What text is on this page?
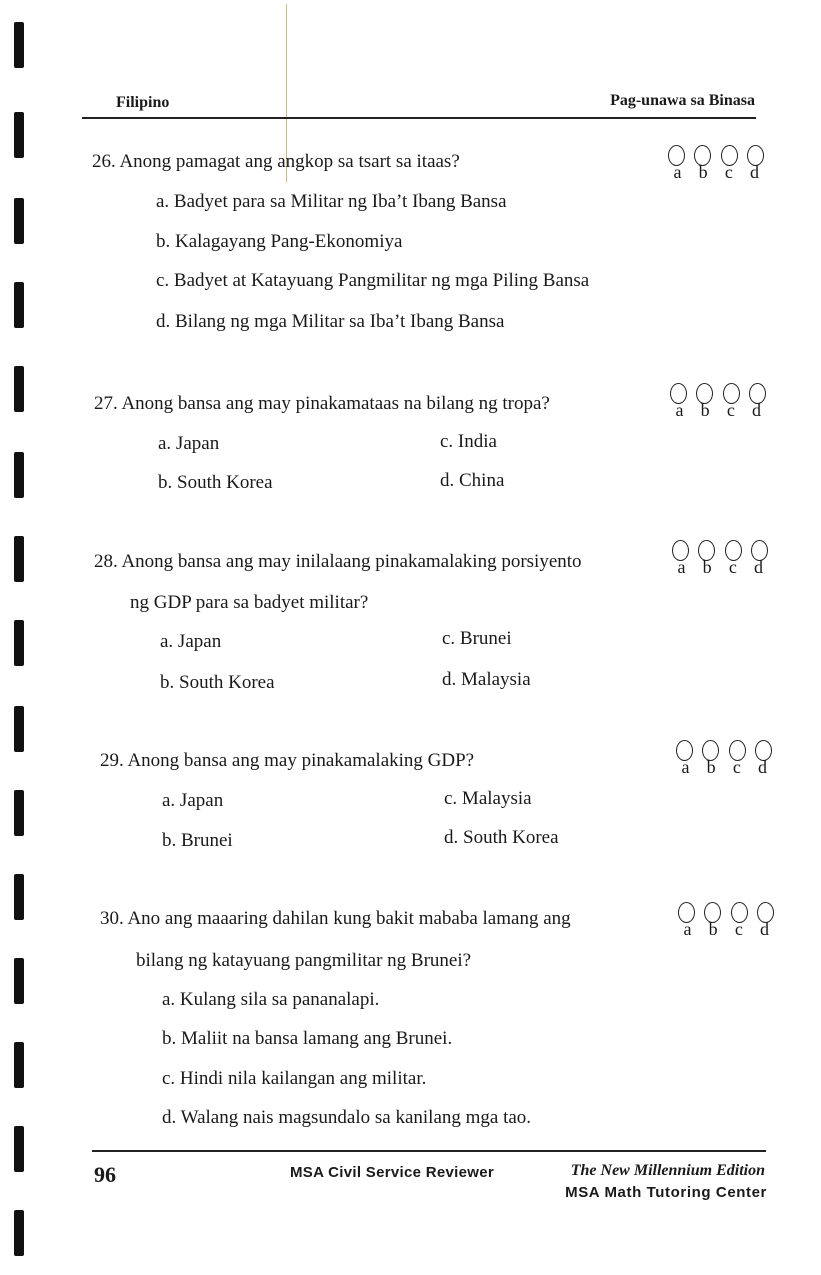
Filipino	Pag-unawa sa Binasa
26. Anong pamagat ang angkop sa tsart sa itaas?	a b c d
a. Badyet para sa Militar ng Iba’t Ibang Bansa
b. Kalagayang Pang-Ekonomiya
c. Badyet at Katayuang Pangmilitar ng mga Piling Bansa
d. Bilang ng mga Militar sa Iba’t Ibang Bansa
27. Anong bansa ang may pinakamataas na bilang ng tropa?	a b c d
a. Japan	c. India
b. South Korea	d. China
28. Anong bansa ang may inilalaang pinakamalaking porsiyento
ng GDP para sa badyet militar?
a b c d
a. Japan	c. Brunei
b. South Korea	d. Malaysia
29. Anong bansa ang may pinakamalaking GDP?	a b c d
a. Japan	c. Malaysia
b. Brunei	d. South Korea
30. Ano ang maaaring dahilan kung bakit mababa lamang ang
bilang ng katayuang pangmilitar ng Brunei?
a b c d
a. Kulang sila sa pananalapi.
b. Maliit na bansa lamang ang Brunei.
c. Hindi nila kailangan ang militar.
d. Walang nais magsundalo sa kanilang mga tao.
96	MSA Civil Service Reviewer	The New Millennium Edition
MSA Math Tutoring Center
